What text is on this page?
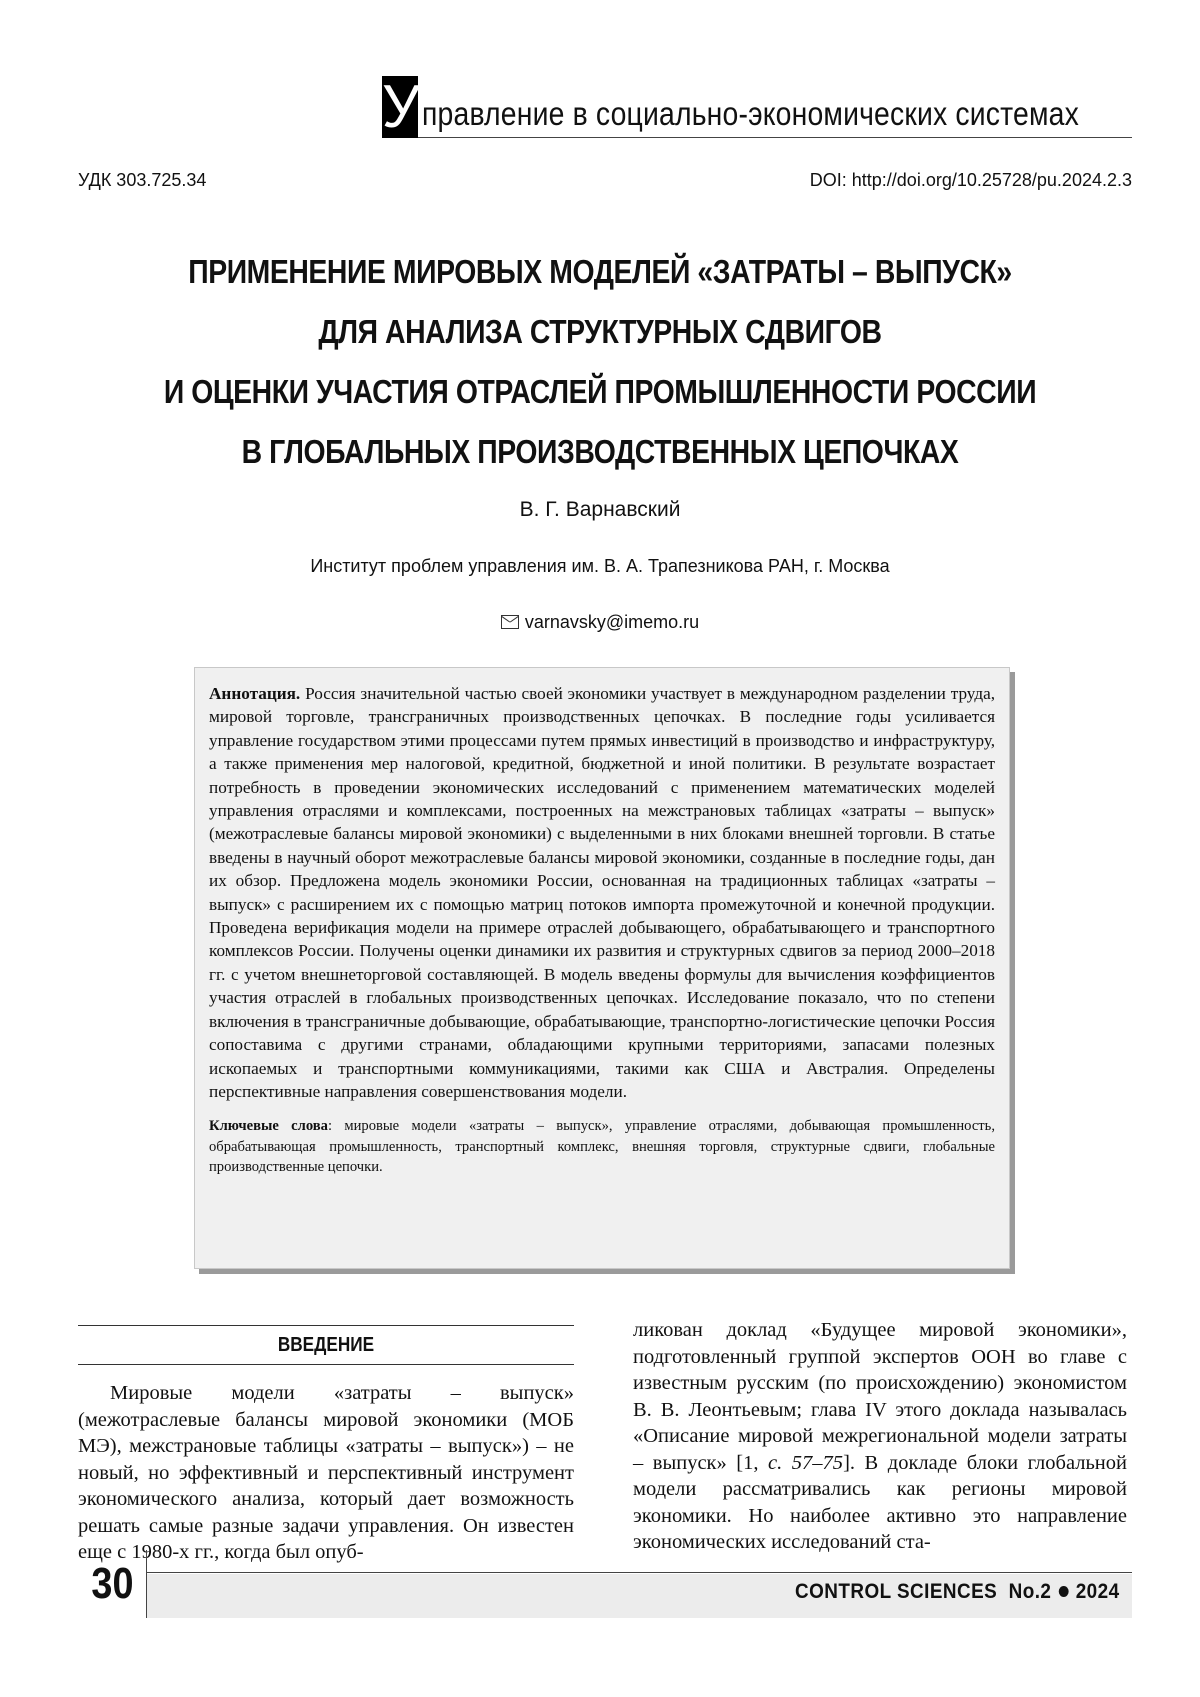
У правление в социально-экономических системах
УДК 303.725.34	DOI: http://doi.org/10.25728/pu.2024.2.3
ПРИМЕНЕНИЕ МИРОВЫХ МОДЕЛЕЙ «ЗАТРАТЫ – ВЫПУСК»
ДЛЯ АНАЛИЗА СТРУКТУРНЫХ СДВИГОВ
И ОЦЕНКИ УЧАСТИЯ ОТРАСЛЕЙ ПРОМЫШЛЕННОСТИ РОССИИ
В ГЛОБАЛЬНЫХ ПРОИЗВОДСТВЕННЫХ ЦЕПОЧКАХ
В. Г. Варнавский
Институт проблем управления им. В. А. Трапезникова РАН, г. Москва
varnavsky@imemo.ru

Аннотация. Россия значительной частью своей экономики участвует в международном разделении труда, мировой торговле, трансграничных производственных цепочках. В последние годы усиливается управление государством этими процессами путем прямых инвестиций в производство и инфраструктуру, а также применения мер налоговой, кредитной, бюджетной и иной политики. В результате возрастает потребность в проведении экономических исследований с применением математических моделей управления отраслями и комплексами, построенных на межстрановых таблицах «затраты – выпуск» (межотраслевые балансы мировой экономики) с выделенными в них блоками внешней торговли. В статье введены в научный оборот межотраслевые балансы мировой экономики, созданные в последние годы, дан их обзор. Предложена модель экономики России, основанная на традиционных таблицах «затраты – выпуск» с расширением их с помощью матриц потоков импорта промежуточной и конечной продукции. Проведена верификация модели на примере отраслей добывающего, обрабатывающего и транспортного комплексов России. Получены оценки динамики их развития и структурных сдвигов за период 2000–2018 гг. с учетом внешнеторговой составляющей. В модель введены формулы для вычисления коэффициентов участия отраслей в глобальных производственных цепочках. Исследование показало, что по степени включения в трансграничные добывающие, обрабатывающие, транспортно-логистические цепочки Россия сопоставима с другими странами, обладающими крупными территориями, запасами полезных ископаемых и транспортными коммуникациями, такими как США и Австралия. Определены перспективные направления совершенствования модели.

Ключевые слова: мировые модели «затраты – выпуск», управление отраслями, добывающая промышленность, обрабатывающая промышленность, транспортный комплекс, внешняя торговля, структурные сдвиги, глобальные производственные цепочки.

ВВЕДЕНИЕ

Мировые модели «затраты – выпуск» (межотраслевые балансы мировой экономики (МОБ МЭ), межстрановые таблицы «затраты – выпуск») – не новый, но эффективный и перспективный инструмент экономического анализа, который дает возможность решать самые разные задачи управления. Он известен еще с 1980-х гг., когда был опуб-

ликован доклад «Будущее мировой экономики», подготовленный группой экспертов ООН во главе с известным русским (по происхождению) экономистом В. В. Леонтьевым; глава IV этого доклада называлась «Описание мировой межрегиональной модели затраты – выпуск» [1, с. 57–75]. В докладе блоки глобальной модели рассматривались как регионы мировой экономики. Но наиболее активно это направление экономических исследований ста-

30	CONTROL SCIENCES No.2 2024
